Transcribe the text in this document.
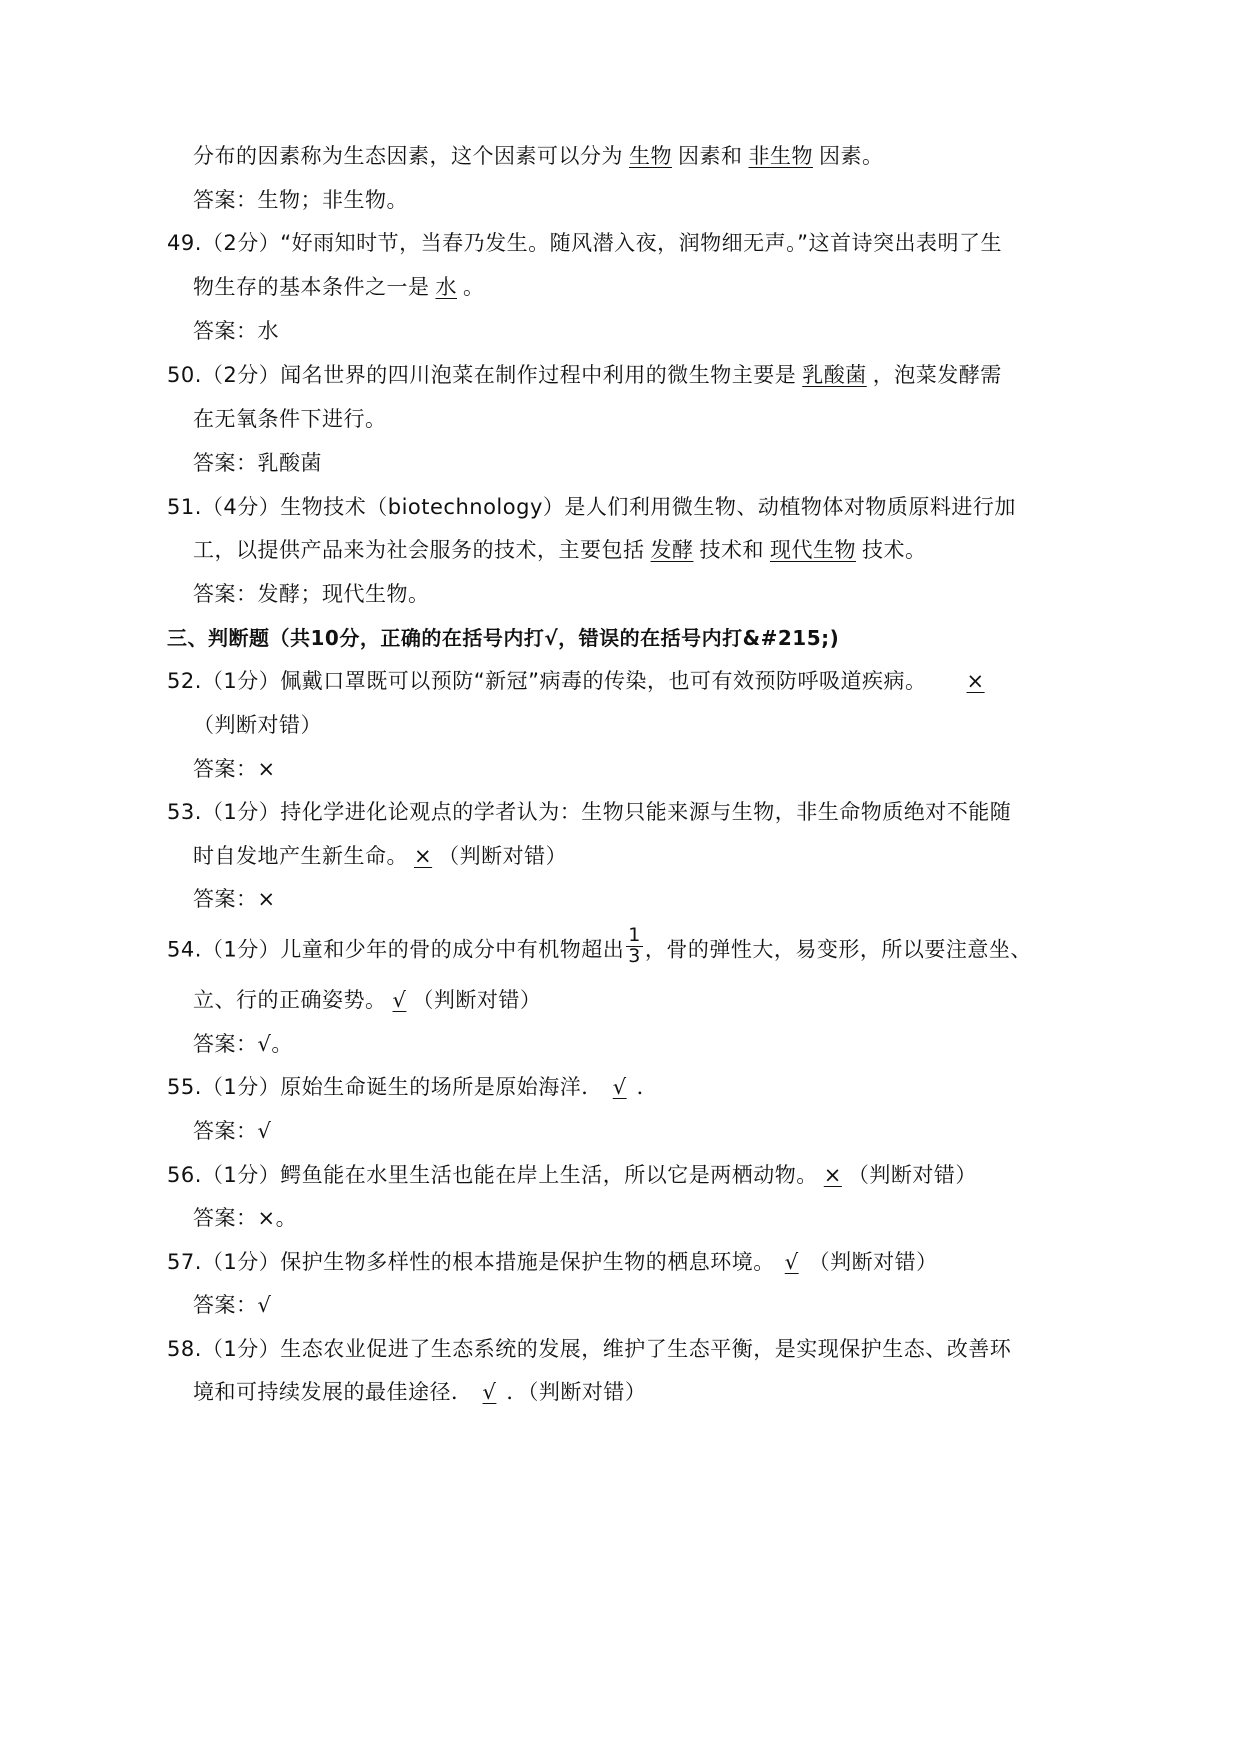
分布的因素称为生态因素，这个因素可以分为 生物 因素和 非生物 因素。
答案：生物；非生物。
49.（2分）“好雨知时节，当春乃发生。随风潜入夜，润物细无声。”这首诗突出表明了生
物生存的基本条件之一是 水 。
答案：水
50.（2分）闻名世界的四川泡菜在制作过程中利用的微生物主要是 乳酸菌 ，泡菜发酵需
在无氧条件下进行。
答案：乳酸菌
51.（4分）生物技术（biotechnology）是人们利用微生物、动植物体对物质原料进行加
工，以提供产品来为社会服务的技术，主要包括 发酵 技术和 现代生物 技术。
答案：发酵；现代生物。
三、判断题（共10分，正确的在括号内打√，错误的在括号内打&#215;)
52.（1分）佩戴口罩既可以预防“新冠”病毒的传染，也可有效预防呼吸道疾病。 ×
（判断对错）
答案：×
53.（1分）持化学进化论观点的学者认为：生物只能来源与生物，非生命物质绝对不能随
时自发地产生新生命。 × （判断对错）
答案：×
54.（1分）儿童和少年的骨的成分中有机物超出 $\frac{1}{3}$ ，骨的弹性大，易变形，所以要注意坐、
立、行的正确姿势。 √ （判断对错）
答案：√。
55.（1分）原始生命诞生的场所是原始海洋． √ ．
答案：√
56.（1分）鳄鱼能在水里生活也能在岸上生活，所以它是两栖动物。 × （判断对错）
答案：×。
57.（1分）保护生物多样性的根本措施是保护生物的栖息环境。 √ （判断对错）
答案：√
58.（1分）生态农业促进了生态系统的发展，维护了生态平衡，是实现保护生态、改善环
境和可持续发展的最佳途径． √ ．（判断对错）
